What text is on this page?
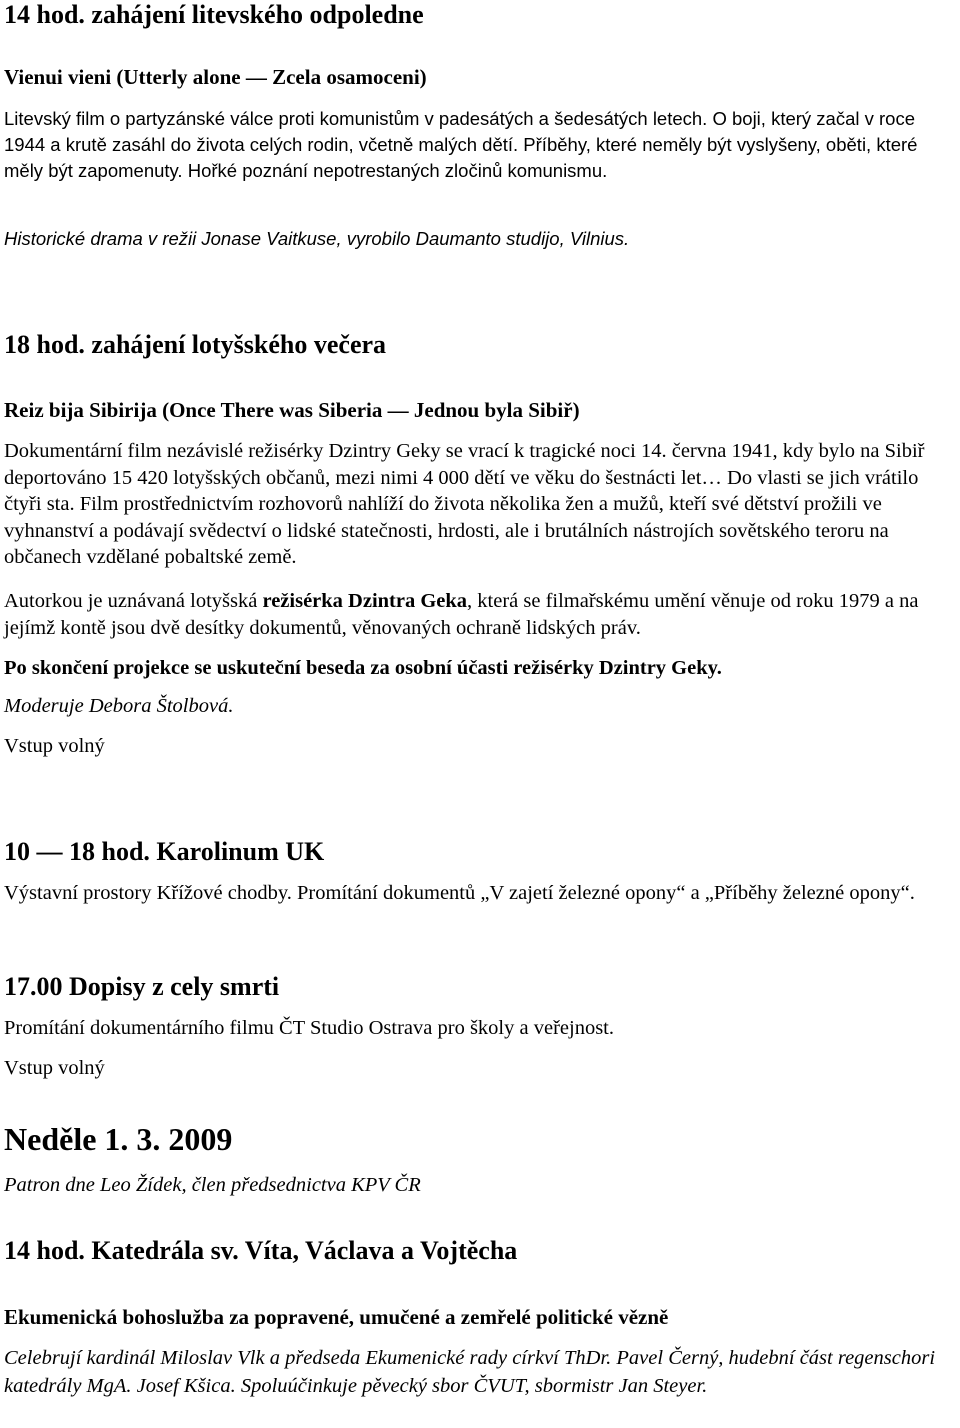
14 hod. zahájení litevského odpoledne
Vienui vieni (Utterly alone — Zcela osamoceni)

Litevský film o partyzánské válce proti komunistům v padesátých a šedesátých letech. O boji, který začal v roce 1944 a krutě zasáhl do života celých rodin, včetně malých dětí. Příběhy, které neměly být vyslyšeny, oběti, které měly být zapomenuty. Hořké poznání nepotrestaných zločinů komunismu.

Historické drama v režii Jonase Vaitkuse, vyrobilo Daumanto studijo, Vilnius.

18 hod. zahájení lotyšského večera
Reiz bija Sibirija (Once There was Siberia — Jednou byla Sibiř)

Dokumentární film nezávislé režisérky Dzintry Geky se vrací k tragické noci 14. června 1941, kdy bylo na Sibiř deportováno 15 420 lotyšských občanů, mezi nimi 4 000 dětí ve věku do šestnácti let… Do vlasti se jich vrátilo čtyři sta. Film prostřednictvím rozhovorů nahlíží do života několika žen a mužů, kteří své dětství prožili ve vyhnanství a podávají svědectví o lidské statečnosti, hrdosti, ale i brutálních nástrojích sovětského teroru na občanech vzdělané pobaltské země.

Autorkou je uznávaná lotyšská režisérka Dzintra Geka, která se filmařskému umění věnuje od roku 1979 a na jejímž kontě jsou dvě desítky dokumentů, věnovaných ochraně lidských práv.

Po skončení projekce se uskuteční beseda za osobní účasti režisérky Dzintry Geky.

Moderuje Debora Štolbová.

Vstup volný

10 — 18 hod. Karolinum UK

Výstavní prostory Křížové chodby. Promítání dokumentů „V zajetí železné opony“ a „Příběhy železné opony“.

17.00 Dopisy z cely smrti

Promítání dokumentárního filmu ČT Studio Ostrava pro školy a veřejnost.

Vstup volný

Neděle 1. 3. 2009

Patron dne Leo Žídek, člen předsednictva KPV ČR

14 hod. Katedrála sv. Víta, Václava a Vojtěcha
Ekumenická bohoslužba za popravené, umučené a zemřelé politické vězně

Celebrují kardinál Miloslav Vlk a předseda Ekumenické rady církví ThDr. Pavel Černý, hudební část regenschori katedrály MgA. Josef Kšica. Spoluúčinkuje pěvecký sbor ČVUT, sbormistr Jan Steyer.
